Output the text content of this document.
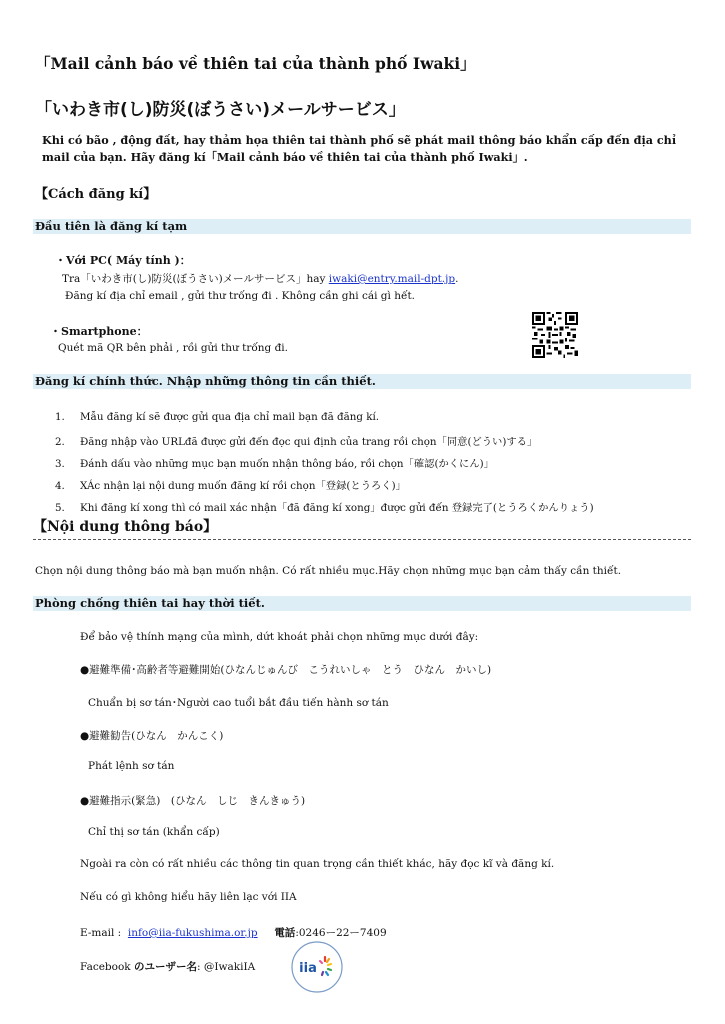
「Mail cảnh báo về thiên tai của thành phố Iwaki」
「いわき市(し)防災(ぼうさい)メールサービス」
Khi có bão , động đất, hay thảm họa thiên tai thành phố sẽ phát mail thông báo khẩn cấp đến địa chỉ mail của bạn. Hãy đăng kí「Mail cảnh báo về thiên tai của thành phố Iwaki」.
【Cách đăng kí】
Đầu tiên là đăng kí tạm
・Với PC( Máy tính )：
Tra「いわき市(し)防災(ぼうさい)メールサービス」hay iwaki@entry.mail-dpt.jp.
Đăng kí địa chỉ email , gửi thư trống đi . Không cần ghi cái gì hết.
・Smartphone：
Quét mã QR bên phải , rồi gửi thư trống đi.
Đăng kí chính thức. Nhập những thông tin cần thiết.
1. Mẫu đăng kí sẽ được gửi qua địa chỉ mail bạn đã đăng kí.
2. Đăng nhập vào URLđã được gửi đến đọc qui định của trang rồi chọn「同意(どうい)する」
3. Đánh dấu vào những mục bạn muốn nhận thông báo, rồi chọn「確認(かくにん)」
4. XÁc nhận lại nội dung muốn đăng kí rồi chọn「登録(とうろく)」
5. Khi đăng kí xong thì có mail xác nhận「đã đăng kí xong」được gửi đến 登録完了(とうろくかんりょう)
【Nội dung thông báo】
Chọn nội dung thông báo mà bạn muốn nhận. Có rất nhiều mục.Hãy chọn những mục bạn cảm thấy cần thiết.
Phòng chống thiên tai hay thời tiết.
Để bảo vệ thính mạng của mình, dứt khoát phải chọn những mục dưới đây:
●避難準備･高齢者等避難開始(ひなんじゅんび　こうれいしゃ　とう　ひなん　かいし)
Chuẩn bị sơ tán･Người cao tuổi bắt đầu tiến hành sơ tán
●避難勧告(ひなん　かんこく)
Phát lệnh sơ tán
●避難指示(緊急)　(ひなん　しじ　きんきゅう)
Chỉ thị sơ tán (khẩn cấp)
Ngoài ra còn có rất nhiều các thông tin quan trọng cần thiết khác, hãy đọc kĩ và đăng kí.
Nếu có gì không hiểu hãy liên lạc với IIA
E-mail : info@iia-fukushima.or.jp 電話:0246ー22ー7409
Facebook のユーザー名: @IwakiIA	iia
